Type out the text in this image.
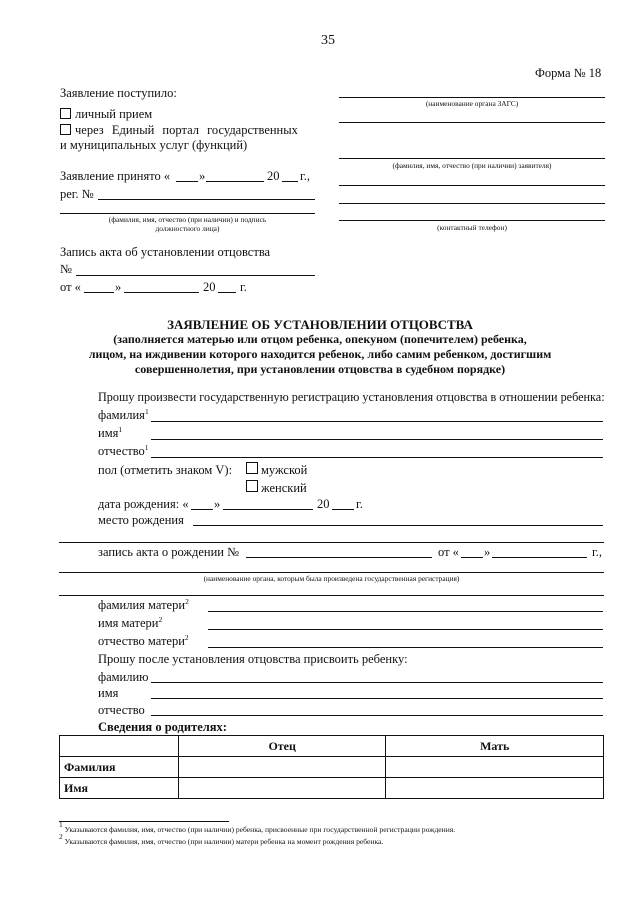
35
Форма № 18
Заявление поступило:
личный прием
через Единый портал государственных
и муниципальных услуг (функций)
Заявление принято « »	20 г.,
рег. №
(фамилия, имя, отчество (при наличии) и подпись
должностного лица)
Запись акта об установлении отцовства
№
от «	»	20 г.
(наименование органа ЗАГС)
(фамилия, имя, отчество (при наличии) заявителя)
(контактный телефон)
ЗАЯВЛЕНИЕ ОБ УСТАНОВЛЕНИИ ОТЦОВСТВА
(заполняется матерью или отцом ребенка, опекуном (попечителем) ребенка,
лицом, на иждивении которого находится ребенок, либо самим ребенком, достигшим
совершеннолетия, при установлении отцовства в судебном порядке)
Прошу произвести государственную регистрацию установления отцовства в отношении ребенка:
фамилия$^1$
имя$^1$
отчество$^1$
пол (отметить знаком V): мужской
женский
дата рождения: « »	20 г.
место рождения
запись акта о рождении №	от « »	г.,
(наименование органа, которым была произведена государственная регистрация)
фамилия матери$^2$
имя матери$^2$
отчество матери$^2$
Прошу после установления отцовства присвоить ребенку:
фамилию
имя
отчество
Сведения о родителях:
	Отец	Мать
Фамилия		
Имя		
$^1$ Указываются фамилия, имя, отчество (при наличии) ребенка, присвоенные при государственной регистрации рождения.
$^2$ Указываются фамилия, имя, отчество (при наличии) матери ребенка на момент рождения ребенка.
